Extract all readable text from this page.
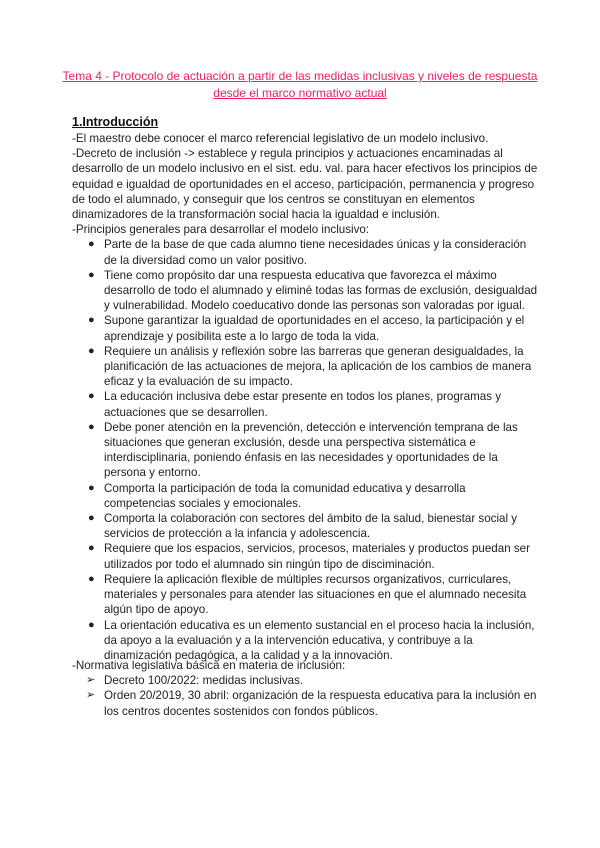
Tema 4 - Protocolo de actuación a partir de las medidas inclusivas y niveles de respuesta desde el marco normativo actual
1.Introducción

-El maestro debe conocer el marco referencial legislativo de un modelo inclusivo.

-Decreto de inclusión -> establece y regula principios y actuaciones encaminadas al desarrollo de un modelo inclusivo en el sist. edu. val. para hacer efectivos los principios de equidad e igualdad de oportunidades en el acceso, participación, permanencia y progreso de todo el alumnado, y conseguir que los centros se constituyan en elementos dinamizadores de la transformación social hacia la igualdad e inclusión.

-Principios generales para desarrollar el modelo inclusivo:

● Parte de la base de que cada alumno tiene necesidades únicas y la consideración de la diversidad como un valor positivo.
● Tiene como propósito dar una respuesta educativa que favorezca el máximo desarrollo de todo el alumnado y eliminé todas las formas de exclusión, desigualdad y vulnerabilidad. Modelo coeducativo donde las personas son valoradas por igual.
● Supone garantizar la igualdad de oportunidades en el acceso, la participación y el aprendizaje y posibilita este a lo largo de toda la vida.
● Requiere un análisis y reflexión sobre las barreras que generan desigualdades, la planificación de las actuaciones de mejora, la aplicación de los cambios de manera eficaz y la evaluación de su impacto.
● La educación inclusiva debe estar presente en todos los planes, programas y actuaciones que se desarrollen.
● Debe poner atención en la prevención, detección e intervención temprana de las situaciones que generan exclusión, desde una perspectiva sistemática e interdisciplinaria, poniendo énfasis en las necesidades y oportunidades de la persona y entorno.
● Comporta la participación de toda la comunidad educativa y desarrolla competencias sociales y emocionales.
● Comporta la colaboración con sectores del ámbito de la salud, bienestar social y servicios de protección a la infancia y adolescencia.
● Requiere que los espacios, servicios, procesos, materiales y productos puedan ser utilizados por todo el alumnado sin ningún tipo de disciminación.
● Requiere la aplicación flexible de múltiples recursos organizativos, curriculares, materiales y personales para atender las situaciones en que el alumnado necesita algún tipo de apoyo.
● La orientación educativa es un elemento sustancial en el proceso hacia la inclusión, da apoyo a la evaluación y a la intervención educativa, y contribuye a la dinamización pedagógica, a la calidad y a la innovación.

-Normativa legislativa básica en materia de inclusión:

➢ Decreto 100/2022: medidas inclusivas.
➢ Orden 20/2019, 30 abril: organización de la respuesta educativa para la inclusión en los centros docentes sostenidos con fondos públicos.
